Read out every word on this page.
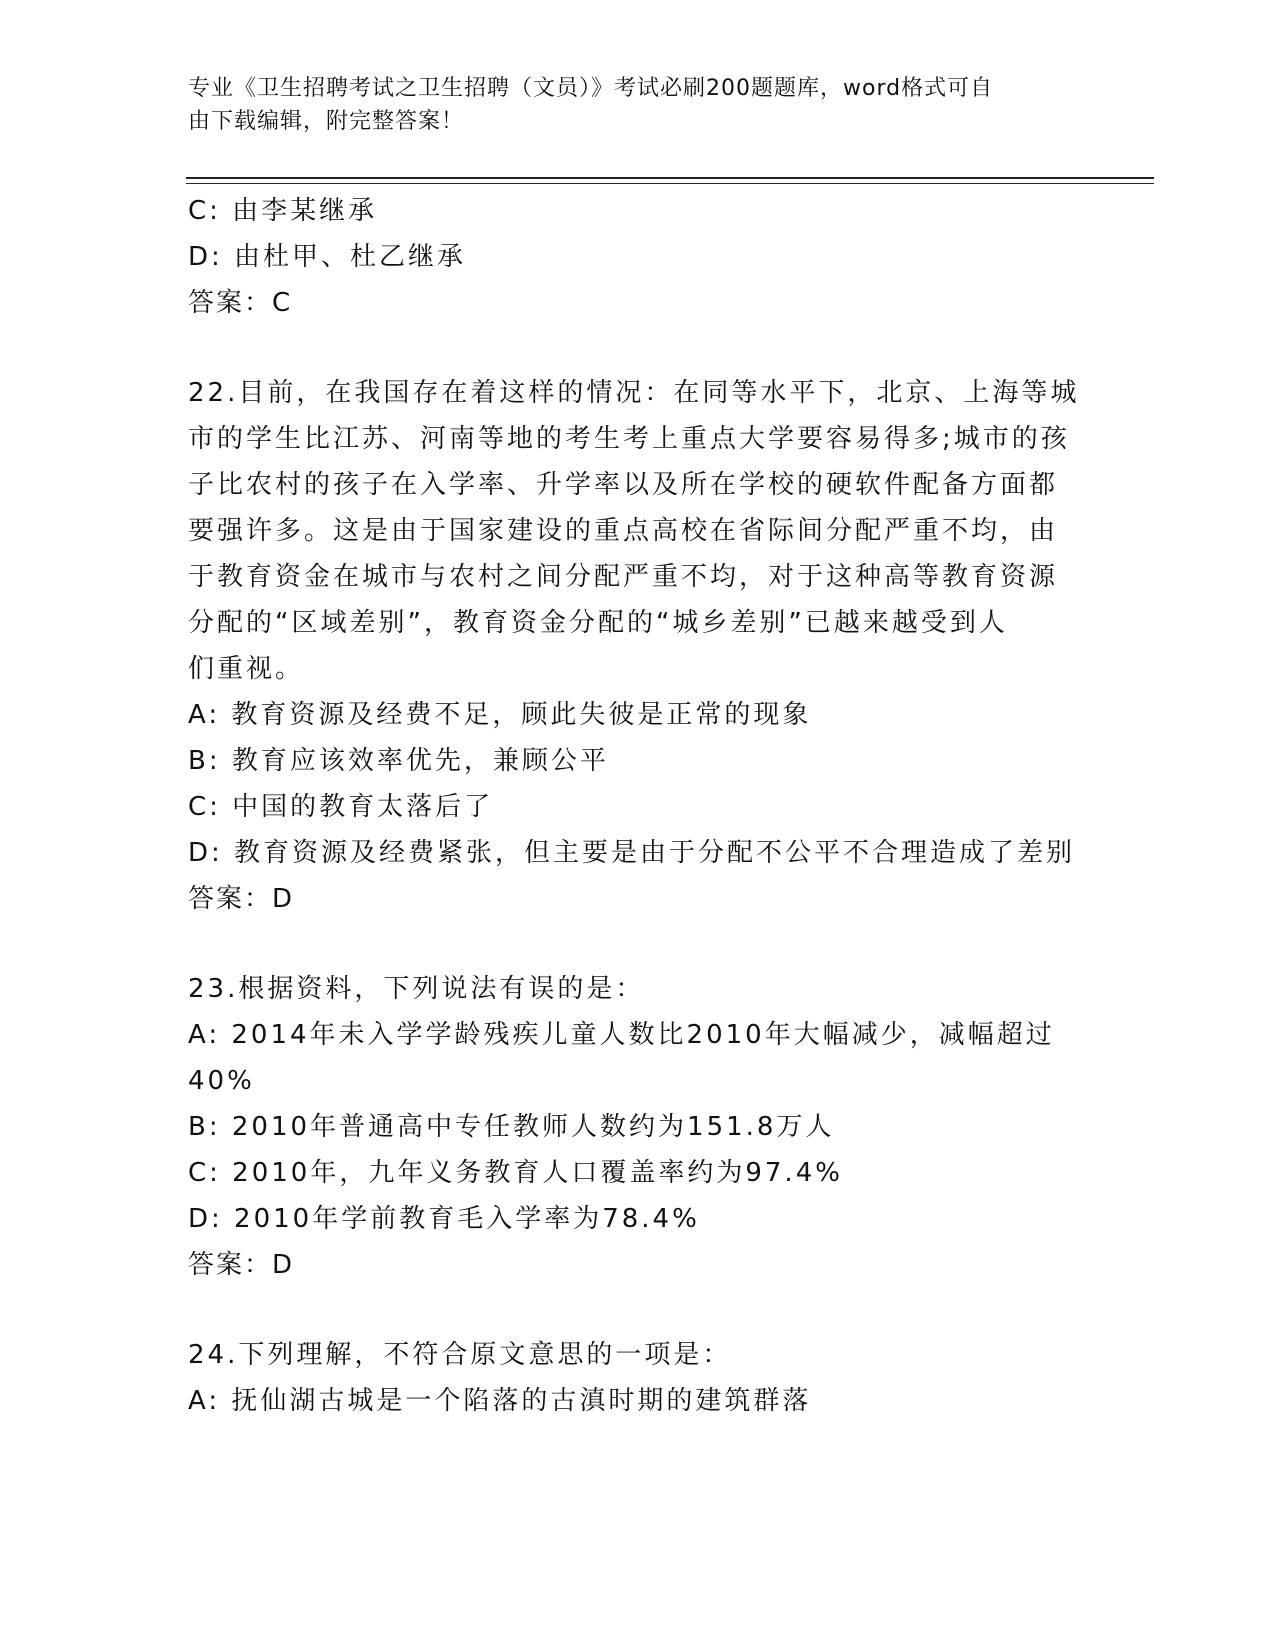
专业《卫生招聘考试之卫生招聘（文员）》考试必刷200题题库，word格式可自
由下载编辑，附完整答案！
C: 由李某继承
D: 由杜甲、杜乙继承
答案：C
22.目前，在我国存在着这样的情况：在同等水平下，北京、上海等城
市的学生比江苏、河南等地的考生考上重点大学要容易得多;城市的孩
子比农村的孩子在入学率、升学率以及所在学校的硬软件配备方面都
要强许多。这是由于国家建设的重点高校在省际间分配严重不均，由
于教育资金在城市与农村之间分配严重不均，对于这种高等教育资源
分配的“区域差别”，教育资金分配的“城乡差别”已越来越受到人
们重视。
A: 教育资源及经费不足，顾此失彼是正常的现象
B: 教育应该效率优先，兼顾公平
C: 中国的教育太落后了
D: 教育资源及经费紧张，但主要是由于分配不公平不合理造成了差别
答案：D
23.根据资料，下列说法有误的是：
A: 2014年未入学学龄残疾儿童人数比2010年大幅减少，减幅超过
40%
B: 2010年普通高中专任教师人数约为151.8万人
C: 2010年，九年义务教育人口覆盖率约为97.4%
D: 2010年学前教育毛入学率为78.4%
答案：D
24.下列理解，不符合原文意思的一项是：
A: 抚仙湖古城是一个陷落的古滇时期的建筑群落
